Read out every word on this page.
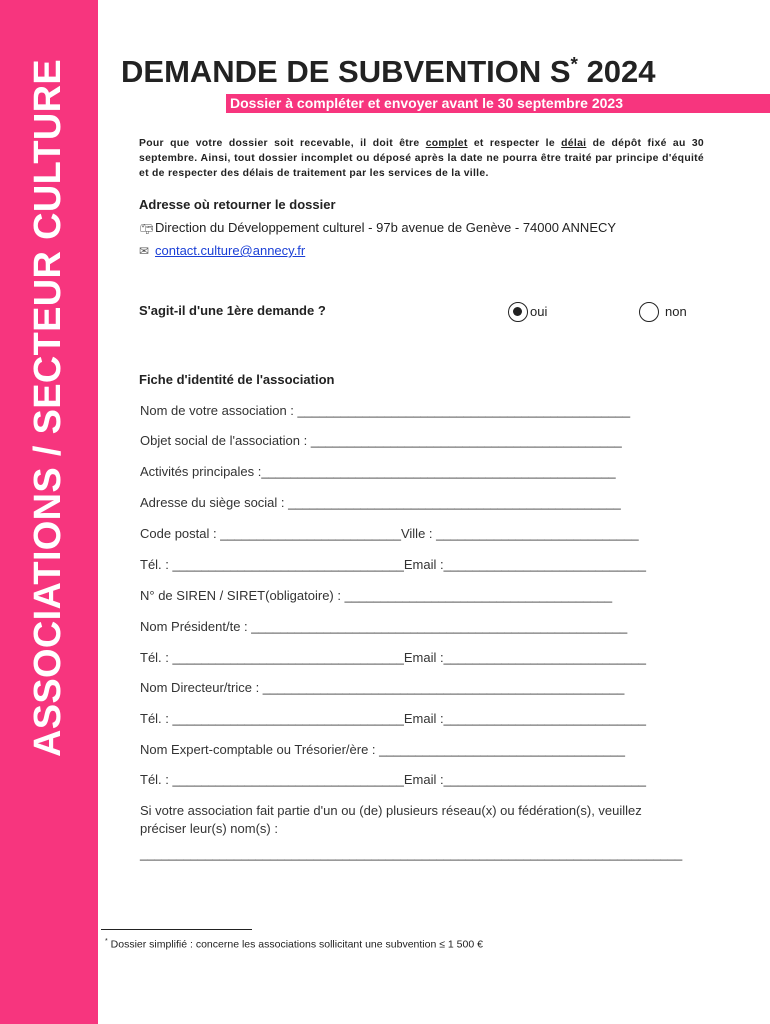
ASSOCIATIONS / SECTEUR CULTURE DEMANDE DE SUBVENTION S* 2024
Dossier à compléter et envoyer avant le 30 septembre 2023
Pour que votre dossier soit recevable, il doit être complet et respecter le délai de dépôt fixé au 30 septembre. Ainsi, tout dossier incomplet ou déposé après la date ne pourra être traité par principe d'équité et de respecter des délais de traitement par les services de la ville.
Adresse où retourner le dossier
📪︎Direction du Développement culturel - 97b avenue de Genève - 74000 ANNECY
✉ contact.culture@annecy.fr
S'agit-il d'une 1ère demande ?	oui	non
Fiche d'identité de l'association
Nom de votre association : ______________________________________________
Objet social de l'association : ___________________________________________
Activités principales :_________________________________________________
Adresse du siège social : ______________________________________________
Code postal : _________________________Ville : ____________________________
Tél. : ________________________________Email :____________________________
N° de SIREN / SIRET(obligatoire) : _____________________________________
Nom Président/te : ____________________________________________________
Tél. : ________________________________Email :____________________________
Nom Directeur/trice : __________________________________________________
Tél. : ________________________________Email :____________________________
Nom Expert-comptable ou Trésorier/ère : __________________________________
Tél. : ________________________________Email :____________________________
Si votre association fait partie d'un ou (de) plusieurs réseau(x) ou fédération(s), veuillez
préciser leur(s) nom(s) :
___________________________________________________________________________
* Dossier simplifié : concerne les associations sollicitant une subvention ≤ 1 500 €
